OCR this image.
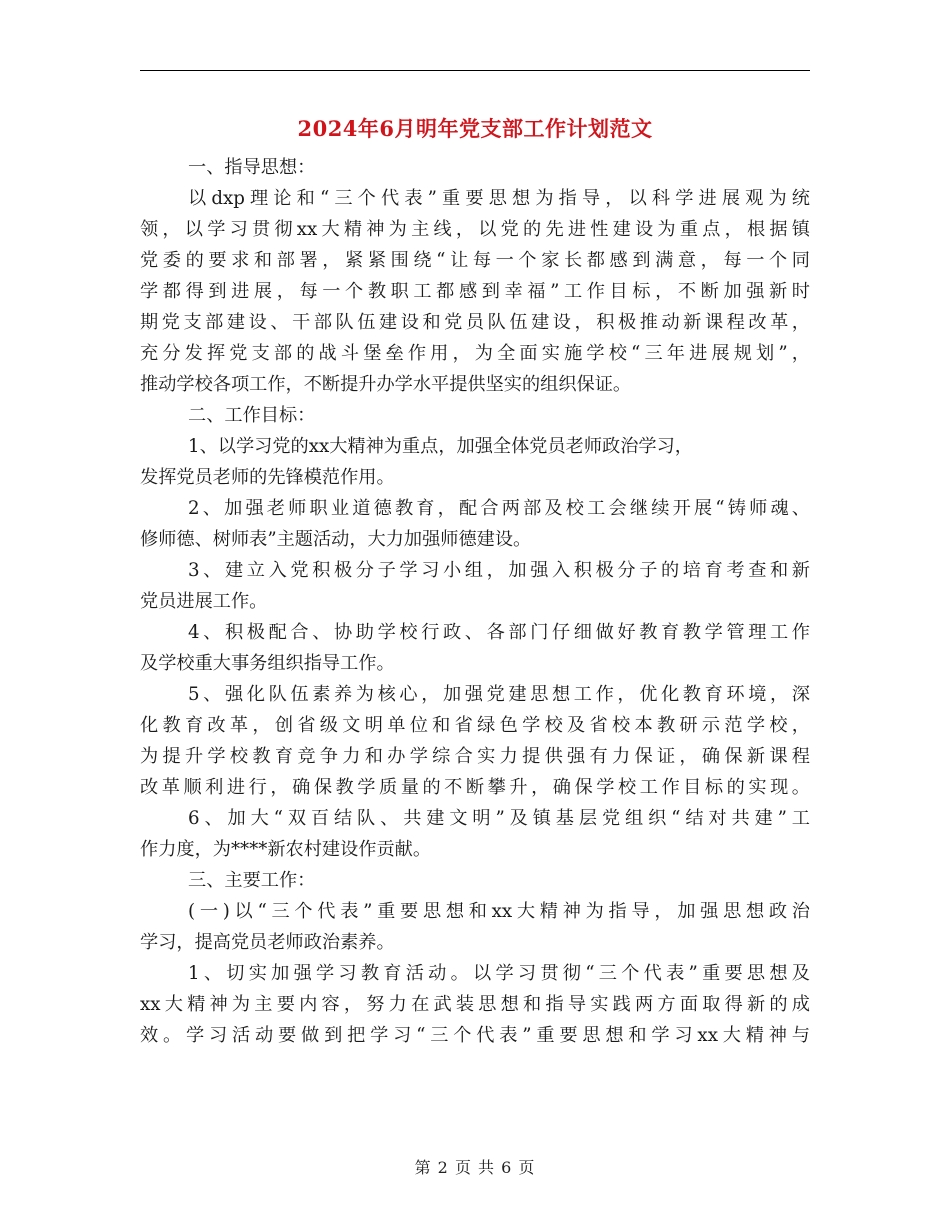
2024年6月明年党支部工作计划范文
一、指导思想：
以dxp理论和“三个代表”重要思想为指导，以科学进展观为统
领，以学习贯彻xx大精神为主线，以党的先进性建设为重点，根据镇
党委的要求和部署，紧紧围绕“让每一个家长都感到满意，每一个同
学都得到进展，每一个教职工都感到幸福”工作目标，不断加强新时
期党支部建设、干部队伍建设和党员队伍建设，积极推动新课程改革，
充分发挥党支部的战斗堡垒作用，为全面实施学校“三年进展规划”，
推动学校各项工作，不断提升办学水平提供坚实的组织保证。
二、工作目标：
1、以学习党的xx大精神为重点，加强全体党员老师政治学习，
发挥党员老师的先锋模范作用。
2、加强老师职业道德教育，配合两部及校工会继续开展“铸师魂、
修师德、树师表”主题活动，大力加强师德建设。
3、建立入党积极分子学习小组，加强入积极分子的培育考查和新
党员进展工作。
4、积极配合、协助学校行政、各部门仔细做好教育教学管理工作
及学校重大事务组织指导工作。
5、强化队伍素养为核心，加强党建思想工作，优化教育环境，深
化教育改革，创省级文明单位和省绿色学校及省校本教研示范学校，
为提升学校教育竞争力和办学综合实力提供强有力保证，确保新课程
改革顺利进行，确保教学质量的不断攀升，确保学校工作目标的实现。
6、加大“双百结队、共建文明”及镇基层党组织“结对共建”工
作力度，为****新农村建设作贡献。
三、主要工作：
(一)以“三个代表”重要思想和xx大精神为指导，加强思想政治
学习，提高党员老师政治素养。
1、切实加强学习教育活动。以学习贯彻“三个代表”重要思想及
xx大精神为主要内容，努力在武装思想和指导实践两方面取得新的成
效。学习活动要做到把学习“三个代表”重要思想和学习xx大精神与
第 2 页 共 6 页
